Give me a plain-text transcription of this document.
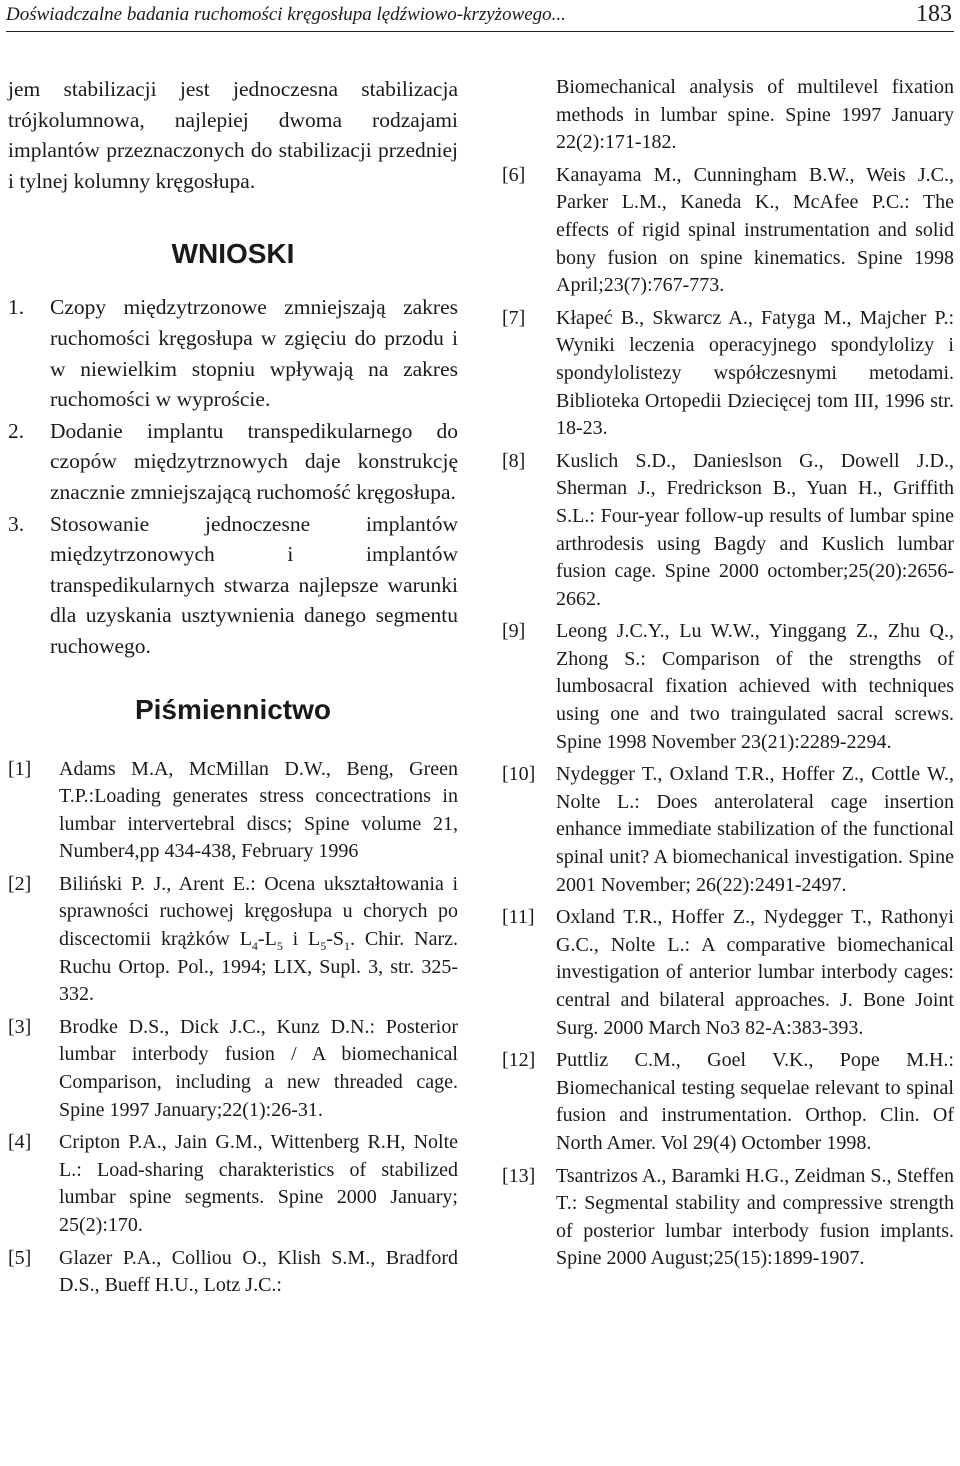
Doświadczalne badania ruchomości kręgosłupa lędźwiowo-krzyżowego...	183
jem stabilizacji jest jednoczesna stabilizacja trójkolumnowa, najlepiej dwoma rodzajami implantów przeznaczonych do stabilizacji przedniej i tylnej kolumny kręgosłupa.
WNIOSKI
1. Czopy międzytrzonowe zmniejszają zakres ruchomości kręgosłupa w zgięciu do przodu i w niewielkim stopniu wpływają na zakres ruchomości w wyproście.
2. Dodanie implantu transpedikularnego do czopów międzytrznowych daje konstrukcję znacznie zmniejszającą ruchomość kręgosłupa.
3. Stosowanie jednoczesne implantów międzytrzonowych i implantów transpedikularnych stwarza najlepsze warunki dla uzyskania usztywnienia danego segmentu ruchowego.
Piśmiennictwo
[1] Adams M.A, McMillan D.W., Beng, Green T.P.:Loading generates stress concectrations in lumbar intervertebral discs; Spine volume 21, Number4,pp 434-438, February 1996
[2] Biliński P. J., Arent E.: Ocena ukształtowania i sprawności ruchowej kręgosłupa u chorych po discectomii krążków $L_4-L_5$ i $L_5-S_1$. Chir. Narz. Ruchu Ortop. Pol., 1994; LIX, Supl. 3, str. 325-332.
[3] Brodke D.S., Dick J.C., Kunz D.N.: Posterior lumbar interbody fusion / A biomechanical Comparison, including a new threaded cage. Spine 1997 January;22(1):26-31.
[4] Cripton P.A., Jain G.M., Wittenberg R.H, Nolte L.: Load-sharing charakteristics of stabilized lumbar spine segments. Spine 2000 January; 25(2):170.
[5] Glazer P.A., Colliou O., Klish S.M., Bradford D.S., Bueff H.U., Lotz J.C.:
Biomechanical analysis of multilevel fixation methods in lumbar spine. Spine 1997 January 22(2):171-182.
[6] Kanayama M., Cunningham B.W., Weis J.C., Parker L.M., Kaneda K., McAfee P.C.: The effects of rigid spinal instrumentation and solid bony fusion on spine kinematics. Spine 1998 April;23(7):767-773.
[7] Kłapeć B., Skwarcz A., Fatyga M., Majcher P.: Wyniki leczenia operacyjnego spondylolizy i spondylolistezy współczesnymi metodami. Biblioteka Ortopedii Dziecięcej tom III, 1996 str. 18-23.
[8] Kuslich S.D., Danieslson G., Dowell J.D., Sherman J., Fredrickson B., Yuan H., Griffith S.L.: Four-year follow-up results of lumbar spine arthrodesis using Bagdy and Kuslich lumbar fusion cage. Spine 2000 octomber;25(20):2656-2662.
[9] Leong J.C.Y., Lu W.W., Yinggang Z., Zhu Q., Zhong S.: Comparison of the strengths of lumbosacral fixation achieved with techniques using one and two traingulated sacral screws. Spine 1998 November 23(21):2289-2294.
[10] Nydegger T., Oxland T.R., Hoffer Z., Cottle W., Nolte L.: Does anterolateral cage insertion enhance immediate stabilization of the functional spinal unit? A biomechanical investigation. Spine 2001 November; 26(22):2491-2497.
[11] Oxland T.R., Hoffer Z., Nydegger T., Rathonyi G.C., Nolte L.: A comparative biomechanical investigation of anterior lumbar interbody cages: central and bilateral approaches. J. Bone Joint Surg. 2000 March No3 82-A:383-393.
[12] Puttliz C.M., Goel V.K., Pope M.H.: Biomechanical testing sequelae relevant to spinal fusion and instrumentation. Orthop. Clin. Of North Amer. Vol 29(4) Octomber 1998.
[13] Tsantrizos A., Baramki H.G., Zeidman S., Steffen T.: Segmental stability and compressive strength of posterior lumbar interbody fusion implants. Spine 2000 August;25(15):1899-1907.
